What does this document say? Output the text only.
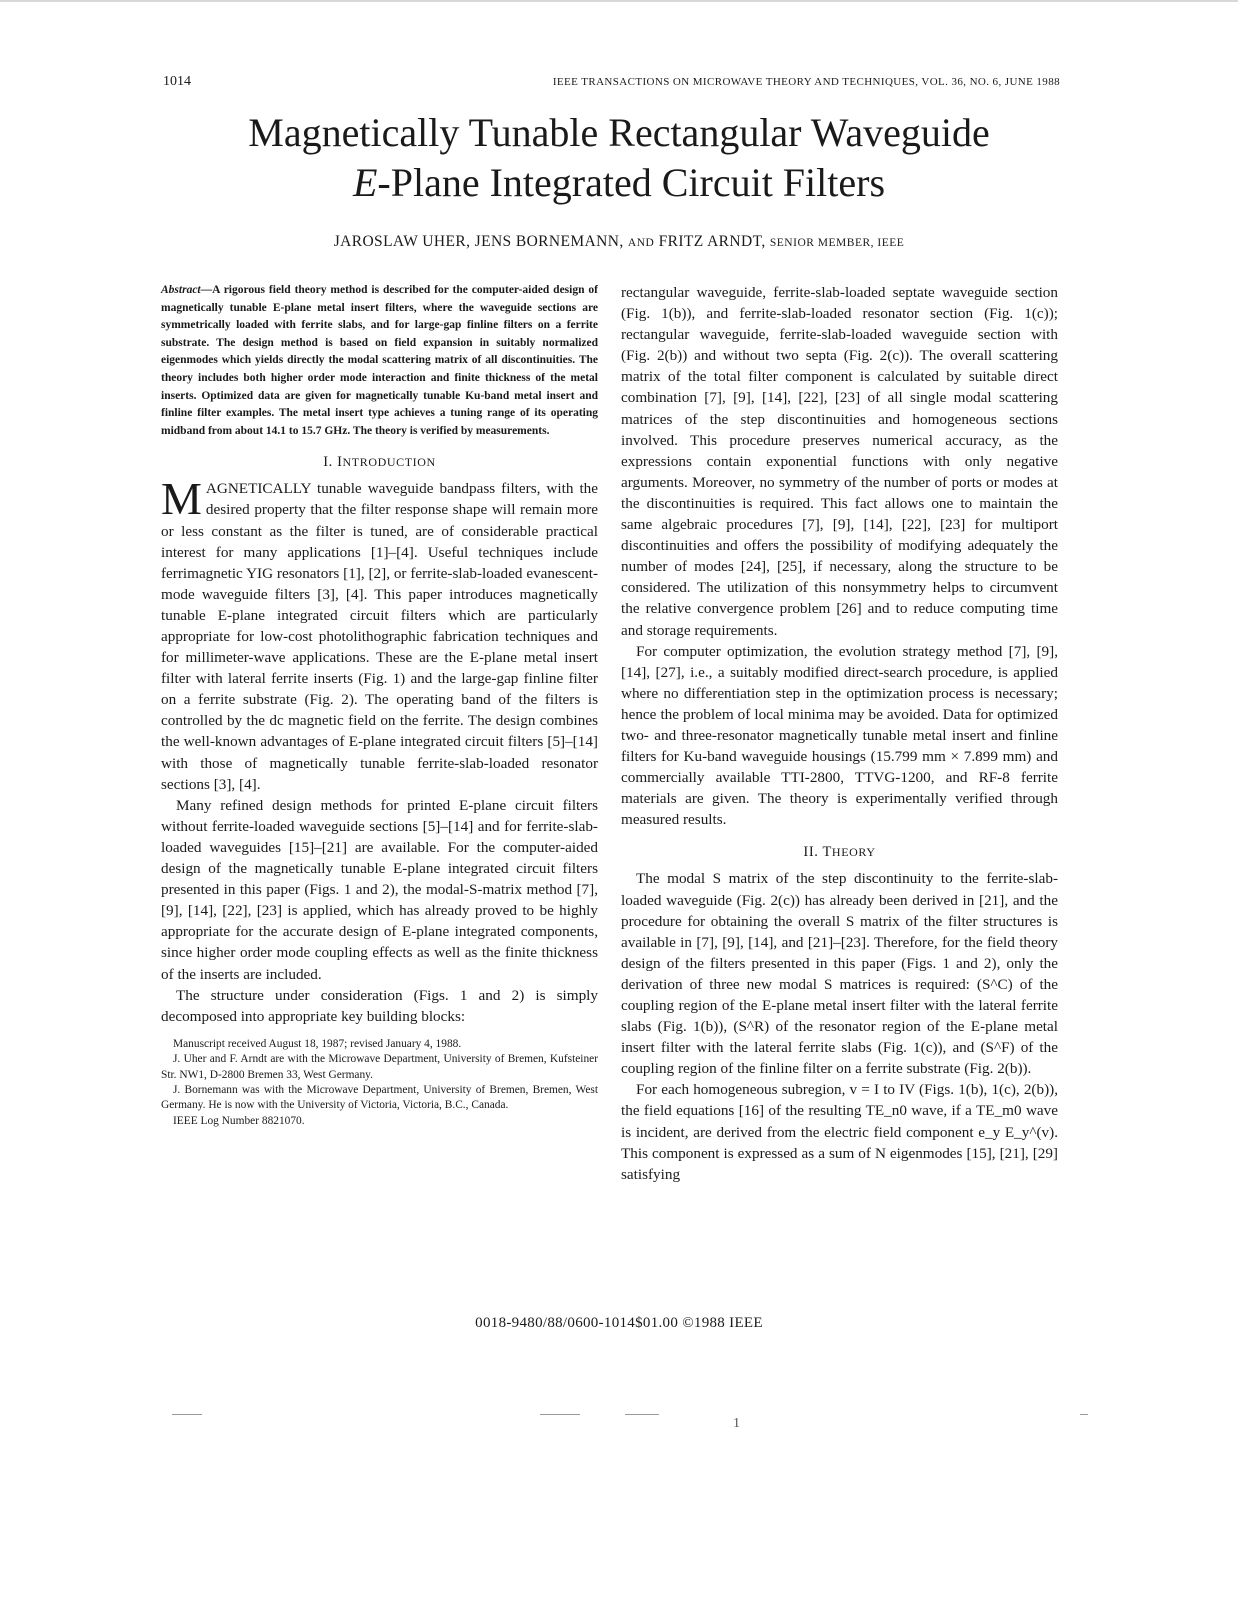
1014	IEEE TRANSACTIONS ON MICROWAVE THEORY AND TECHNIQUES, VOL. 36, NO. 6, JUNE 1988
Magnetically Tunable Rectangular Waveguide
E-Plane Integrated Circuit Filters
JAROSLAW UHER, JENS BORNEMANN, AND FRITZ ARNDT, SENIOR MEMBER, IEEE

Abstract—A rigorous field theory method is described for the computer-aided design of magnetically tunable E-plane metal insert filters, where the waveguide sections are symmetrically loaded with ferrite slabs, and for large-gap finline filters on a ferrite substrate. The design method is based on field expansion in suitably normalized eigenmodes which yields directly the modal scattering matrix of all discontinuities. The theory includes both higher order mode interaction and finite thickness of the metal inserts. Optimized data are given for magnetically tunable Ku-band metal insert and finline filter examples. The metal insert type achieves a tuning range of its operating midband from about 14.1 to 15.7 GHz. The theory is verified by measurements.

I. INTRODUCTION

MAGNETICALLY tunable waveguide bandpass filters, with the desired property that the filter response shape will remain more or less constant as the filter is tuned, are of considerable practical interest for many applications [1]–[4]. Useful techniques include ferrimagnetic YIG resonators [1], [2], or ferrite-slab-loaded evanescent-mode waveguide filters [3], [4]. This paper introduces magnetically tunable E-plane integrated circuit filters which are particularly appropriate for low-cost photolithographic fabrication techniques and for millimeter-wave applications. These are the E-plane metal insert filter with lateral ferrite inserts (Fig. 1) and the large-gap finline filter on a ferrite substrate (Fig. 2). The operating band of the filters is controlled by the dc magnetic field on the ferrite. The design combines the well-known advantages of E-plane integrated circuit filters [5]–[14] with those of magnetically tunable ferrite-slab-loaded resonator sections [3], [4].

Many refined design methods for printed E-plane circuit filters without ferrite-loaded waveguide sections [5]–[14] and for ferrite-slab-loaded waveguides [15]–[21] are available. For the computer-aided design of the magnetically tunable E-plane integrated circuit filters presented in this paper (Figs. 1 and 2), the modal-S-matrix method [7], [9], [14], [22], [23] is applied, which has already proved to be highly appropriate for the accurate design of E-plane integrated components, since higher order mode coupling effects as well as the finite thickness of the inserts are included.

The structure under consideration (Figs. 1 and 2) is simply decomposed into appropriate key building blocks:

Manuscript received August 18, 1987; revised January 4, 1988.

J. Uher and F. Arndt are with the Microwave Department, University of Bremen, Kufsteiner Str. NW1, D-2800 Bremen 33, West Germany.

J. Bornemann was with the Microwave Department, University of Bremen, Bremen, West Germany. He is now with the University of Victoria, Victoria, B.C., Canada.

IEEE Log Number 8821070.

rectangular waveguide, ferrite-slab-loaded septate waveguide section (Fig. 1(b)), and ferrite-slab-loaded resonator section (Fig. 1(c)); rectangular waveguide, ferrite-slab-loaded waveguide section with (Fig. 2(b)) and without two septa (Fig. 2(c)). The overall scattering matrix of the total filter component is calculated by suitable direct combination [7], [9], [14], [22], [23] of all single modal scattering matrices of the step discontinuities and homogeneous sections involved. This procedure preserves numerical accuracy, as the expressions contain exponential functions with only negative arguments. Moreover, no symmetry of the number of ports or modes at the discontinuities is required. This fact allows one to maintain the same algebraic procedures [7], [9], [14], [22], [23] for multiport discontinuities and offers the possibility of modifying adequately the number of modes [24], [25], if necessary, along the structure to be considered. The utilization of this nonsymmetry helps to circumvent the relative convergence problem [26] and to reduce computing time and storage requirements.

For computer optimization, the evolution strategy method [7], [9], [14], [27], i.e., a suitably modified direct-search procedure, is applied where no differentiation step in the optimization process is necessary; hence the problem of local minima may be avoided. Data for optimized two- and three-resonator magnetically tunable metal insert and finline filters for Ku-band waveguide housings (15.799 mm × 7.899 mm) and commercially available TTI-2800, TTVG-1200, and RF-8 ferrite materials are given. The theory is experimentally verified through measured results.

II. THEORY

The modal S matrix of the step discontinuity to the ferrite-slab-loaded waveguide (Fig. 2(c)) has already been derived in [21], and the procedure for obtaining the overall S matrix of the filter structures is available in [7], [9], [14], and [21]–[23]. Therefore, for the field theory design of the filters presented in this paper (Figs. 1 and 2), only the derivation of three new modal S matrices is required: (S^C) of the coupling region of the E-plane metal insert filter with the lateral ferrite slabs (Fig. 1(b)), (S^R) of the resonator region of the E-plane metal insert filter with the lateral ferrite slabs (Fig. 1(c)), and (S^F) of the coupling region of the finline filter on a ferrite substrate (Fig. 2(b)).

For each homogeneous subregion, v = I to IV (Figs. 1(b), 1(c), 2(b)), the field equations [16] of the resulting TE_n0 wave, if a TE_m0 wave is incident, are derived from the electric field component e_y E_y^(v). This component is expressed as a sum of N eigenmodes [15], [21], [29] satisfying

0018-9480/88/0600-1014$01.00 ©1988 IEEE
1
